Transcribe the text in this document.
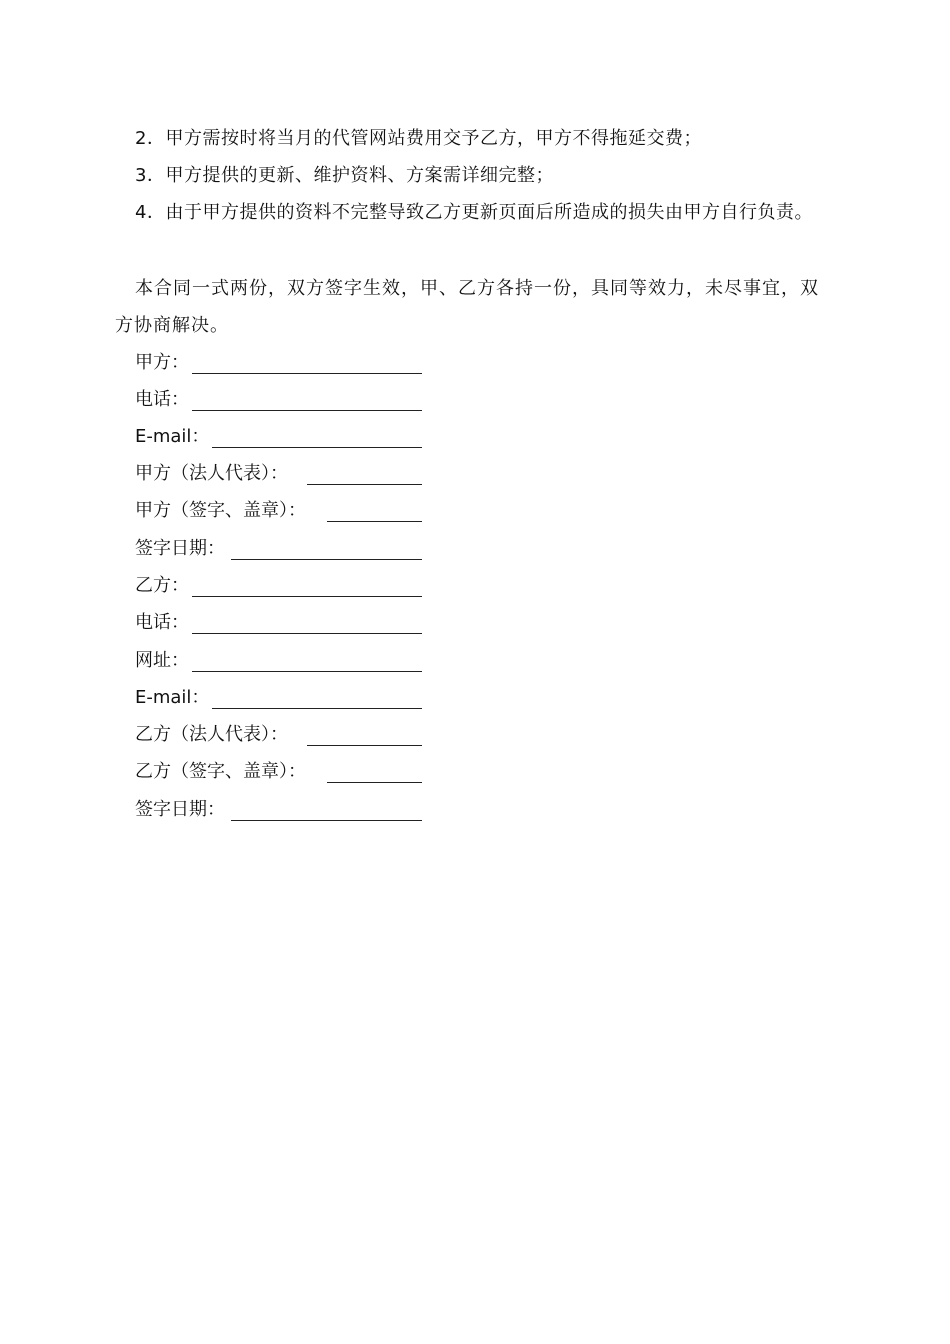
2．甲方需按时将当月的代管网站费用交予乙方，甲方不得拖延交费；
3．甲方提供的更新、维护资料、方案需详细完整；
4．由于甲方提供的资料不完整导致乙方更新页面后所造成的损失由甲方自行负责。
本合同一式两份，双方签字生效，甲、乙方各持一份，具同等效力，未尽事宜，双方协商解决。
甲方：
电话：
E-mail：
甲方（法人代表）：
甲方（签字、盖章）：
签字日期：
乙方：
电话：
网址：
E-mail：
乙方（法人代表）：
乙方（签字、盖章）：
签字日期：
